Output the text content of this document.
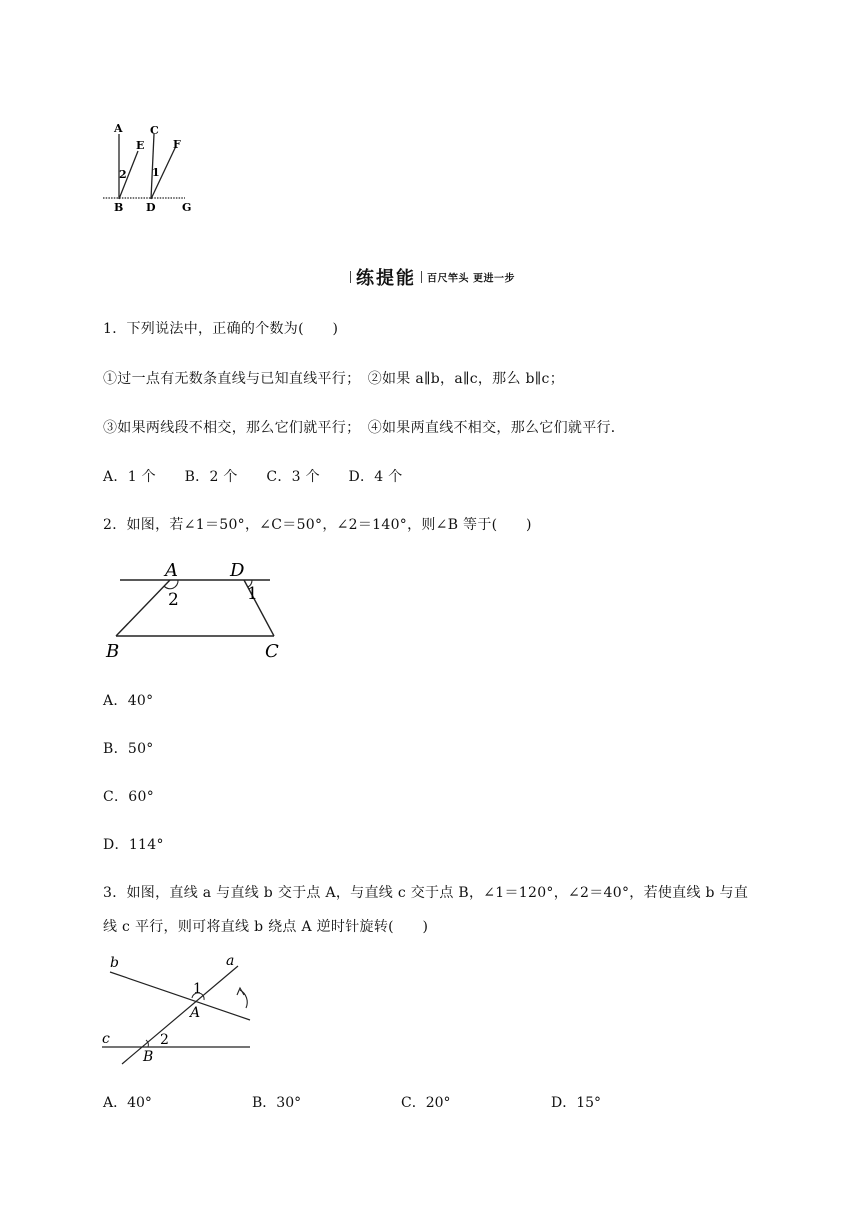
A C
E	F
2 1
B D G
练提能 百尺竿头 更进一步
1．下列说法中，正确的个数为(　　)
①过一点有无数条直线与已知直线平行；　②如果 a∥b，a∥c，那么 b∥c；
③如果两线段不相交，那么它们就平行；　④如果两直线不相交，那么它们就平行．
A．1 个　　B．2 个　　C．3 个　　D．4 个
2．如图，若∠1＝50°，∠C＝50°，∠2＝140°，则∠B 等于(　　)
A	D
2	1
B	C
A．40°
B．50°
C．60°
D．114°
3．如图，直线 a 与直线 b 交于点 A，与直线 c 交于点 B，∠1＝120°，∠2＝40°，若使直线 b 与直
线 c 平行，则可将直线 b 绕点 A 逆时针旋转(　　)
b	a
1
A
c	2
B
A．40°	B．30°	C．20°	D．15°
